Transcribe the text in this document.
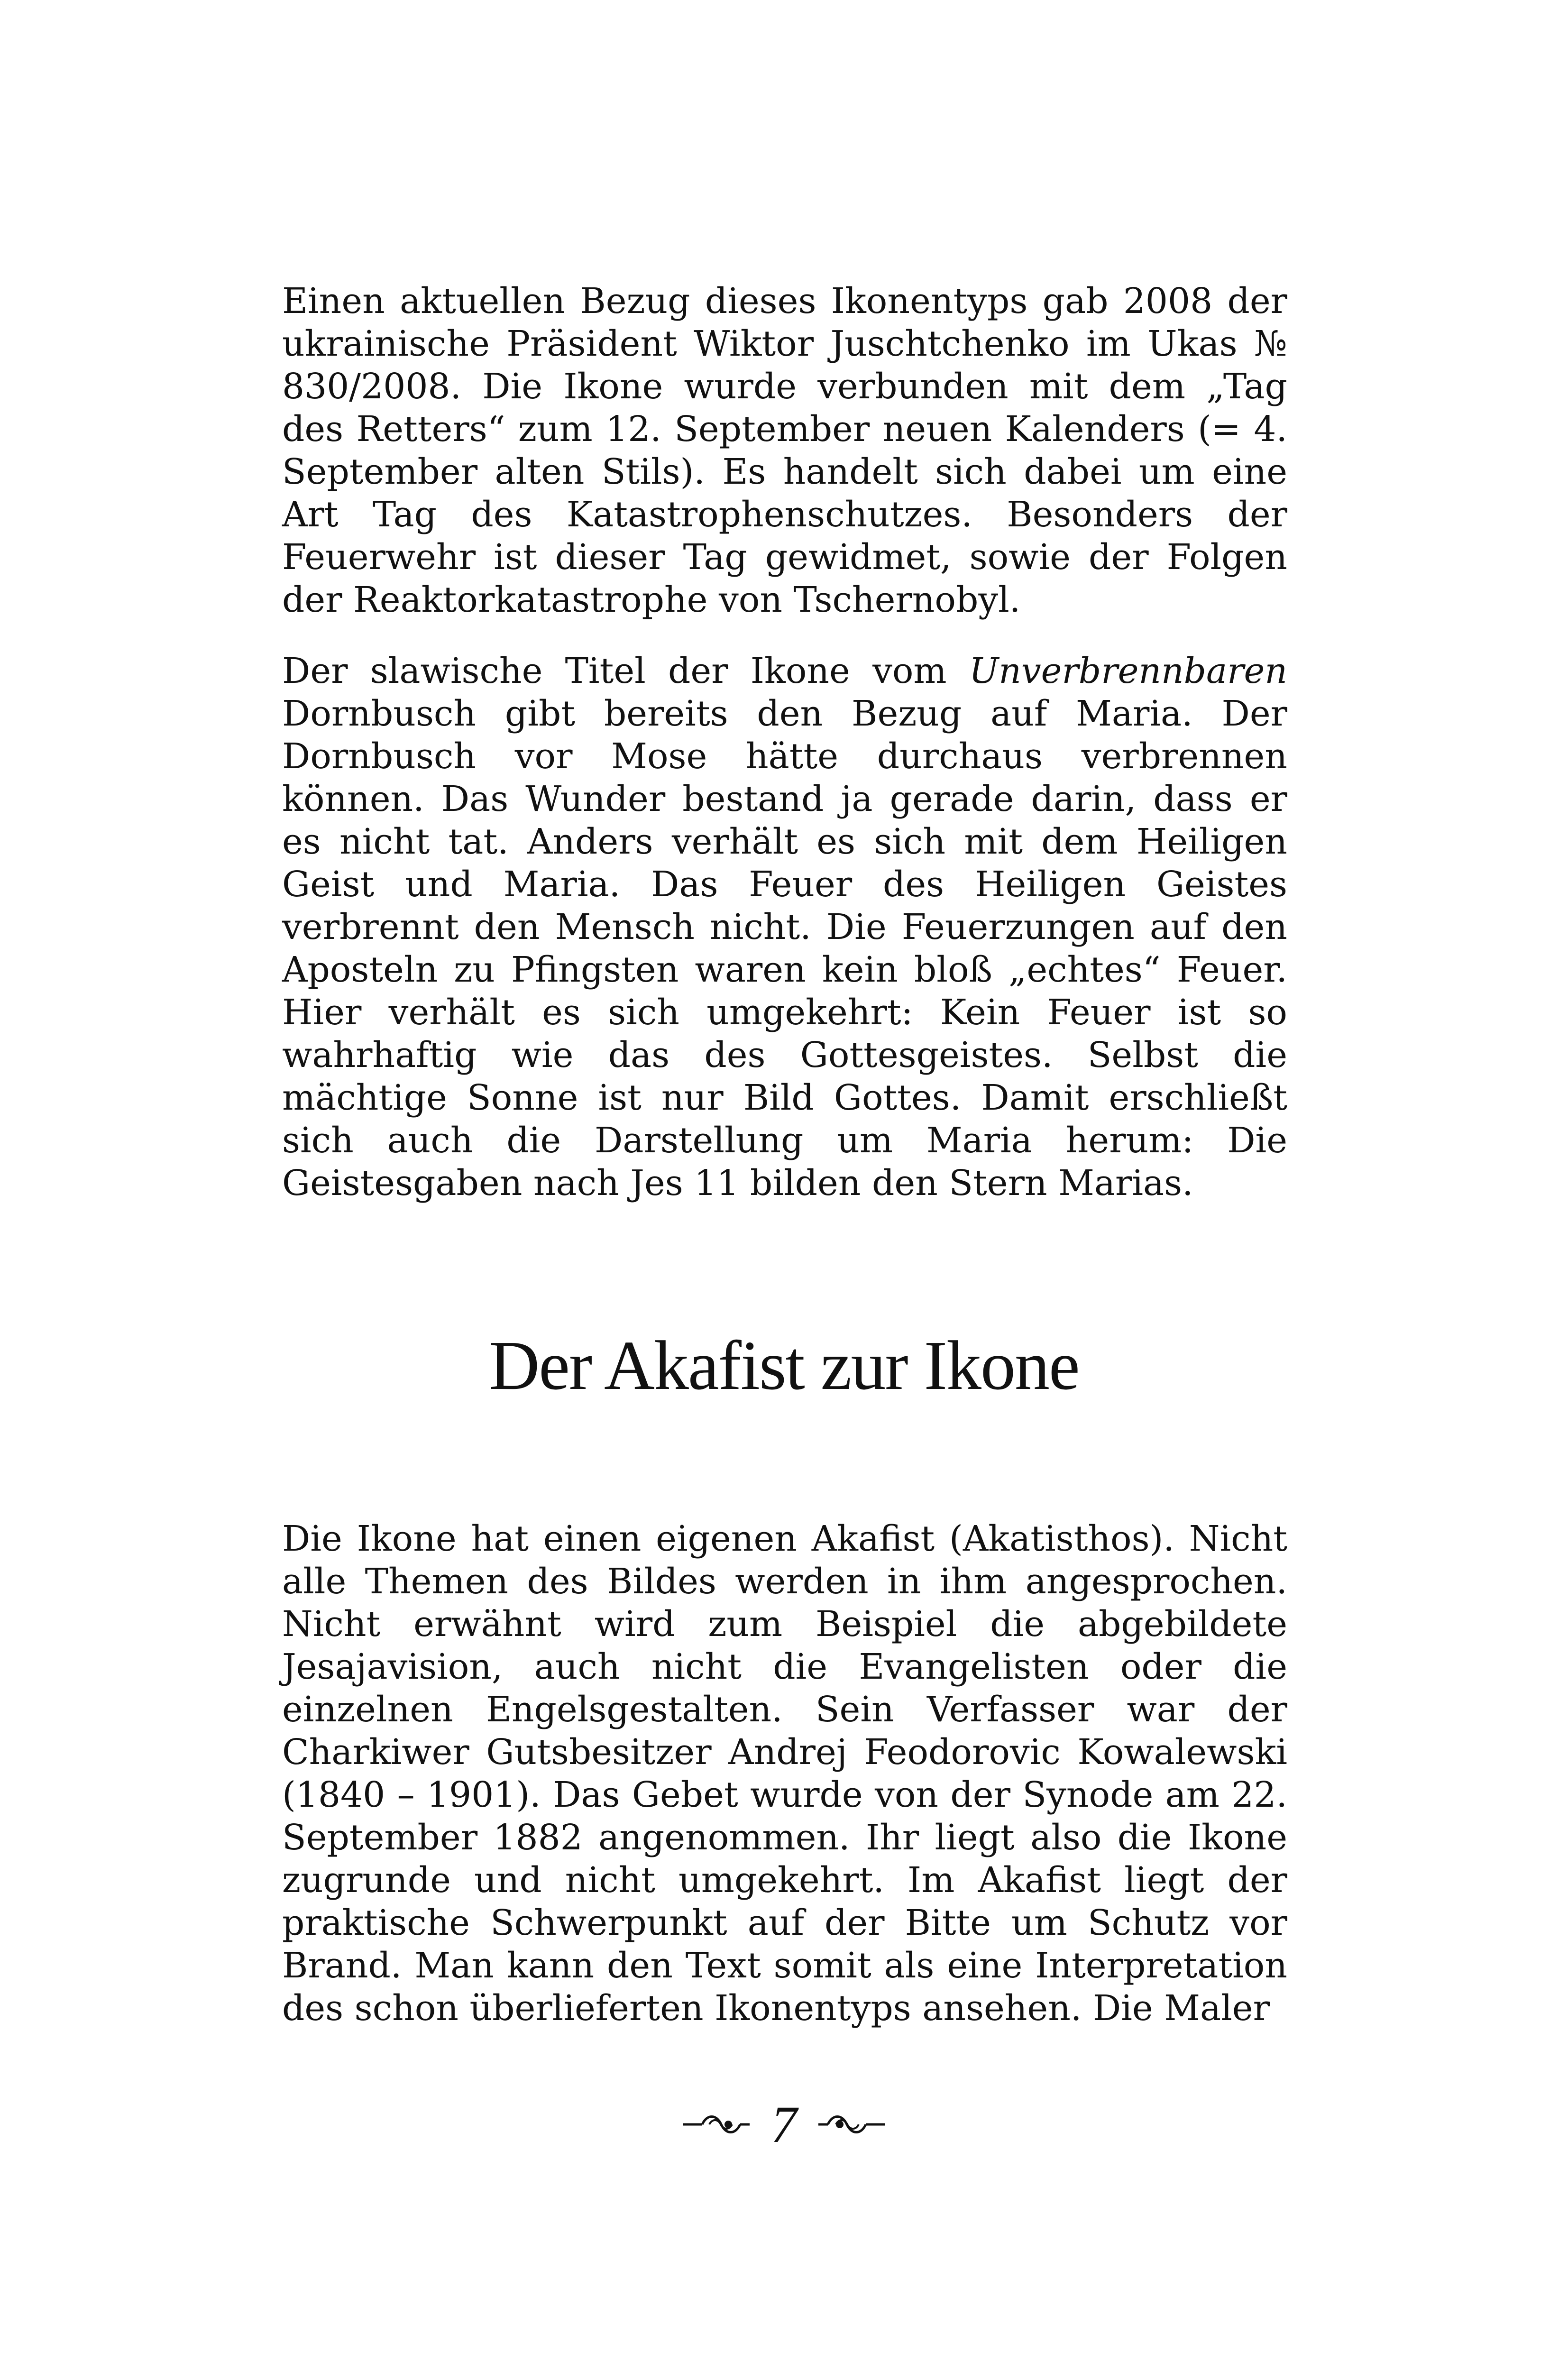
Einen aktuellen Bezug dieses Ikonentyps gab 2008 der ukrainische Präsident Wiktor Juschtchenko im Ukas № 830/2008. Die Ikone wurde verbunden mit dem „Tag des Retters“ zum 12. September neuen Kalenders (= 4. September alten Stils). Es handelt sich dabei um eine Art Tag des Katastrophenschutzes. Besonders der Feuerwehr ist dieser Tag gewidmet, sowie der Folgen der Reaktorkatastrophe von Tschernobyl.

Der slawische Titel der Ikone vom Unverbrennbaren Dornbusch gibt bereits den Bezug auf Maria. Der Dornbusch vor Mose hätte durchaus verbrennen können. Das Wunder bestand ja gerade darin, dass er es nicht tat. Anders verhält es sich mit dem Heiligen Geist und Maria. Das Feuer des Heiligen Geistes verbrennt den Mensch nicht. Die Feuerzungen auf den Aposteln zu Pfingsten waren kein bloß „echtes“ Feuer. Hier verhält es sich umgekehrt: Kein Feuer ist so wahrhaftig wie das des Gottesgeistes. Selbst die mächtige Sonne ist nur Bild Gottes. Damit erschließt sich auch die Darstellung um Maria herum: Die Geistesgaben nach Jes 11 bilden den Stern Marias.

Der Akafist zur Ikone

Die Ikone hat einen eigenen Akafist (Akatisthos). Nicht alle Themen des Bildes werden in ihm angesprochen. Nicht erwähnt wird zum Beispiel die abgebildete Jesajavision, auch nicht die Evangelisten oder die einzelnen Engelsgestalten. Sein Verfasser war der Charkiwer Gutsbesitzer Andrej Feodorovic Kowalewski (1840 – 1901). Das Gebet wurde von der Synode am 22. September 1882 angenommen. Ihr liegt also die Ikone zugrunde und nicht umgekehrt. Im Akafist liegt der praktische Schwerpunkt auf der Bitte um Schutz vor Brand. Man kann den Text somit als eine Interpretation des schon überlieferten Ikonentyps ansehen. Die Maler

7
